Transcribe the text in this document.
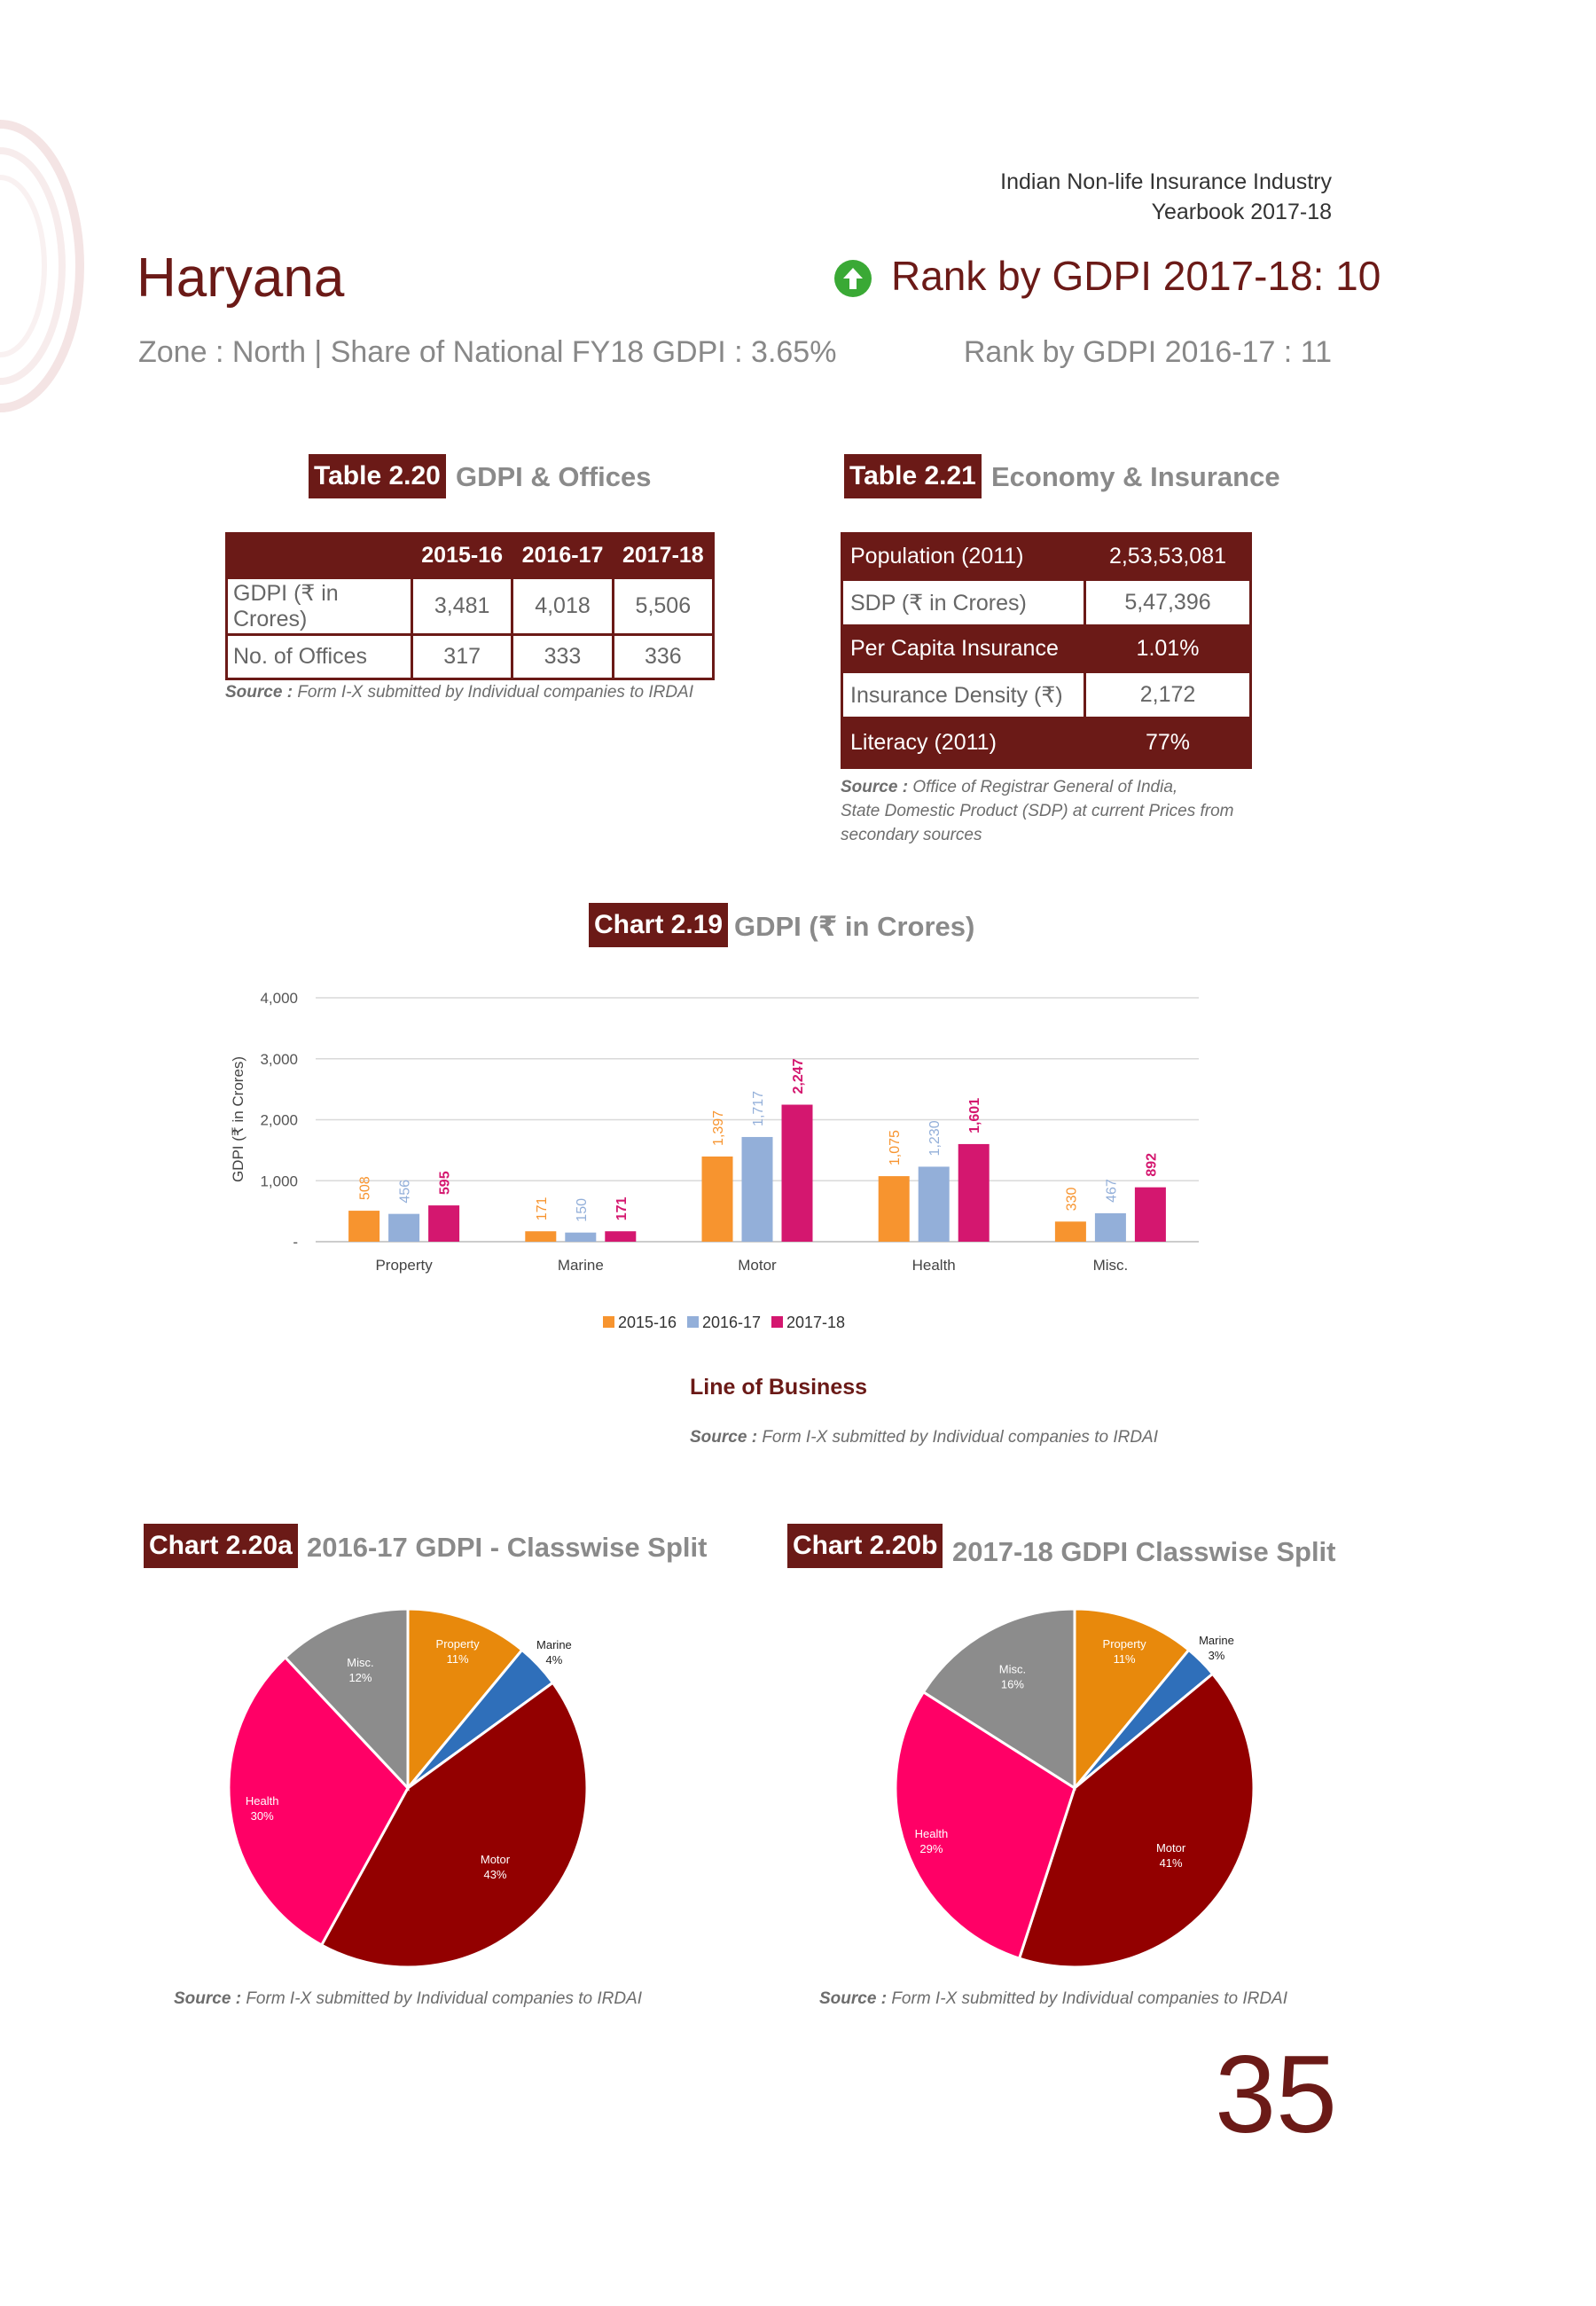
Indian Non-life Insurance Industry
Yearbook 2017-18
Haryana	Rank by GDPI 2017-18: 10
Zone : North | Share of National FY18 GDPI : 3.65%	Rank by GDPI 2016-17 : 11
Table 2.20 GDPI & Offices
	2015-16	2016-17	2017-18
GDPI (₹ in Crores)	3,481	4,018	5,506
No. of Offices	317	333	336
Source : Form I-X submitted by Individual companies to IRDAI
Table 2.21 Economy & Insurance
Population (2011)	2,53,53,081
SDP (₹ in Crores)	5,47,396
Per Capita Insurance	1.01%
Insurance Density (₹)	2,172
Literacy (2011)	77%
Source : Office of Registrar General of India,
State Domestic Product (SDP) at current Prices from
secondary sources
Chart 2.19 GDPI (₹ in Crores)
-
1,000
2,000
3,000
4,000
GDPI (₹ in Crores)
Property
508 456 595
Marine
171 150 171
Motor
1,397
1,717
2,247
Health
1,075 1,230
1,601
Misc.
330 467
892
2015-16 2016-17 2017-18
Line of Business
Source : Form I-X submitted by Individual companies to IRDAI
Chart 2.20a 2016-17 GDPI - Classwise Split	Chart 2.20b 2017-18 GDPI Classwise Split
Property
11%
Marine
4%
Motor
43%
Health
30%
Misc.
12%
Property
11%
Marine
3%
Motor
41%
Health
29%
Misc.
16%
Source : Form I-X submitted by Individual companies to IRDAI	Source : Form I-X submitted by Individual companies to IRDAI
35
